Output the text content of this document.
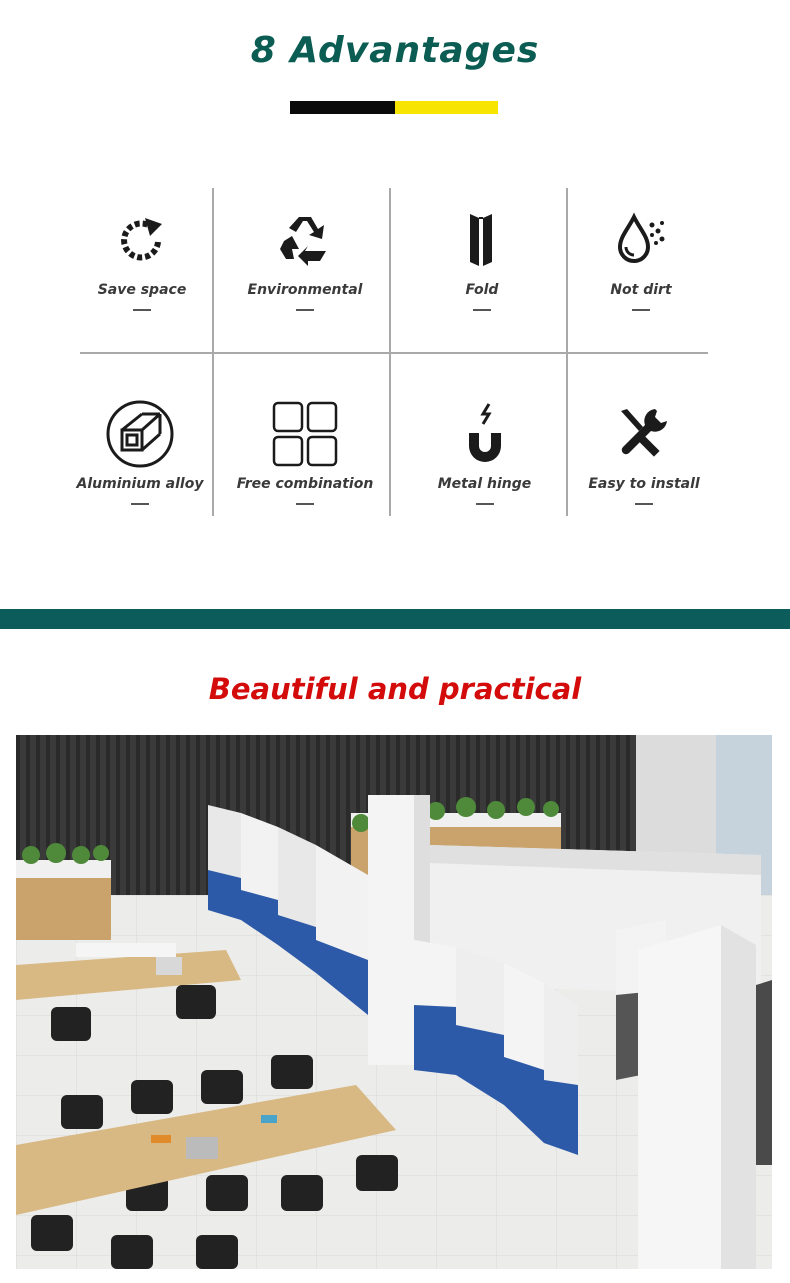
8 Advantages
Save space	Environmental	Fold	Not dirt
Aluminium alloy	Free combination	Metal hinge	Easy to install
Beautiful and practical
